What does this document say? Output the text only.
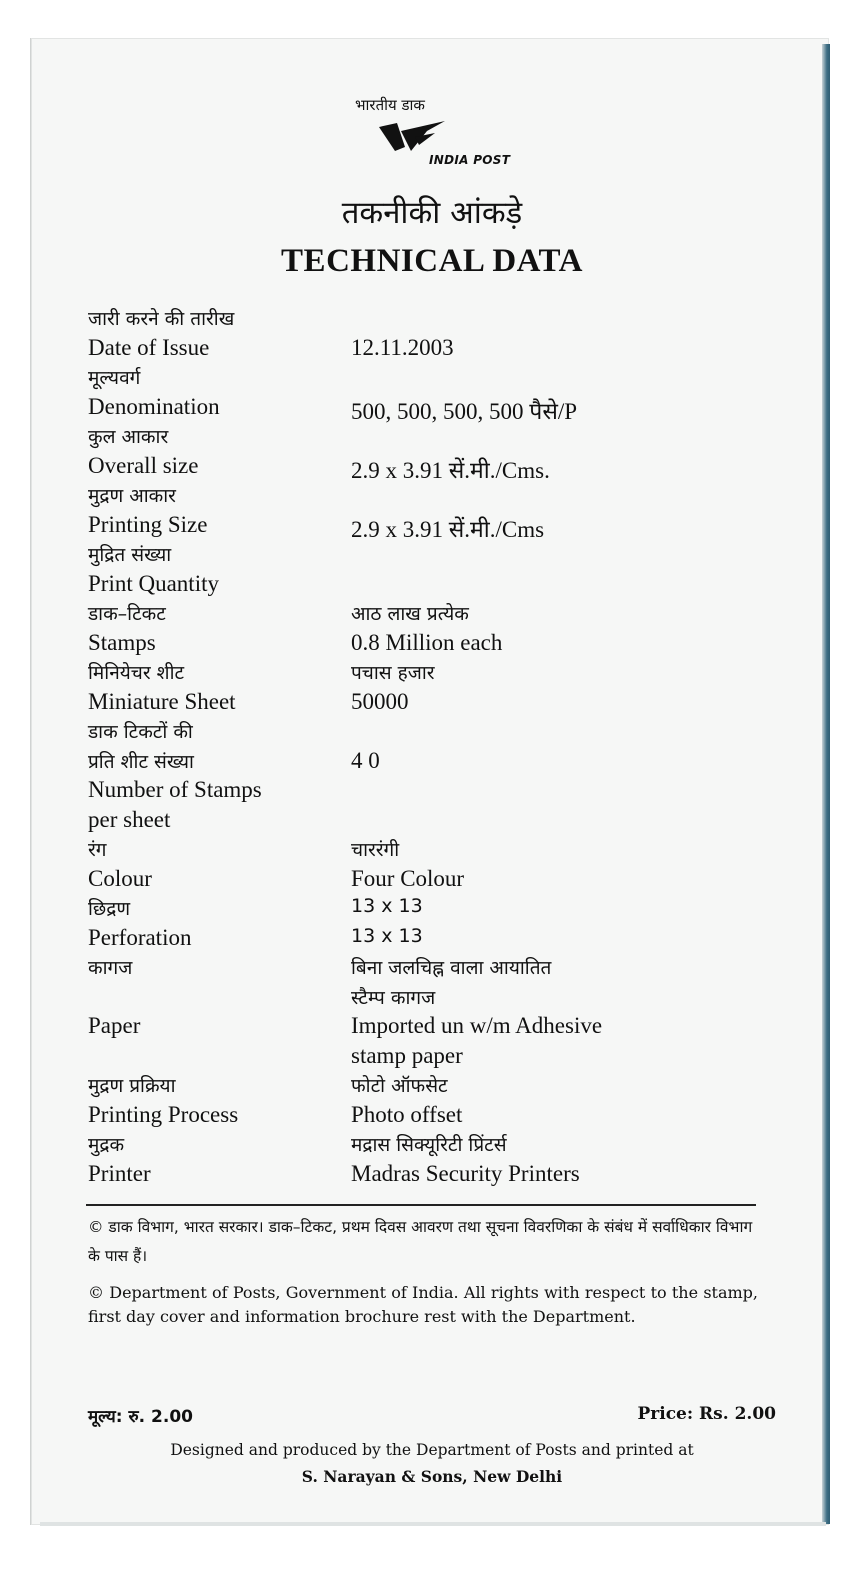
भारतीय डाक
INDIA POST
तकनीकी आंकड़े
TECHNICAL DATA
जारी करने की तारीख
Date of Issue	12.11.2003
मूल्यवर्ग
Denomination	500, 500, 500, 500 पैसे/P
कुल आकार
Overall size	2.9 x 3.91 सें.मी./Cms.
मुद्रण आकार
Printing Size	2.9 x 3.91 सें.मी./Cms
मुद्रित संख्या
Print Quantity
डाक–टिकट	आठ लाख प्रत्येक
Stamps	0.8 Million each
मिनियेचर शीट	पचास हजार
Miniature Sheet	50000
डाक टिकटों की
प्रति शीट संख्या	4 0
Number of Stamps
per sheet
रंग	चाररंगी
Colour	Four Colour
छिद्रण	13 x 13
Perforation	13 x 13
कागज	बिना जलचिह्न वाला आयातित
स्टैम्प कागज
Paper	Imported un w/m Adhesive
stamp paper
मुद्रण प्रक्रिया	फोटो ऑफसेट
Printing Process	Photo offset
मुद्रक	मद्रास सिक्यूरिटी प्रिंटर्स
Printer	Madras Security Printers
© डाक विभाग, भारत सरकार। डाक–टिकट, प्रथम दिवस आवरण तथा सूचना विवरणिका के संबंध में सर्वाधिकार विभाग के पास हैं।
© Department of Posts, Government of India. All rights with respect to the stamp, first day cover and information brochure rest with the Department.
मूल्य: रु. 2.00	Price: Rs. 2.00
Designed and produced by the Department of Posts and printed at
S. Narayan & Sons, New Delhi
